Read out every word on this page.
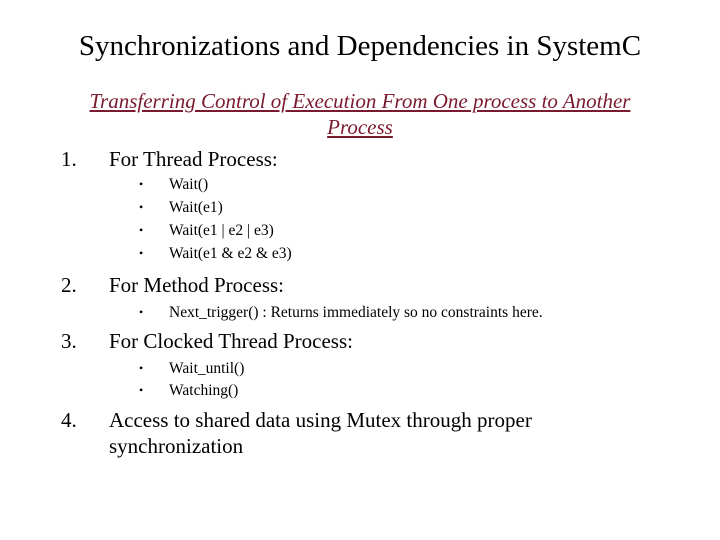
Synchronizations and Dependencies in SystemC
Transferring Control of Execution From One process to Another Process
1. For Thread Process:
• Wait()
• Wait(e1)
• Wait(e1 | e2 | e3)
• Wait(e1 & e2 & e3)
2. For Method Process:
• Next_trigger() : Returns immediately so no constraints here.
3. For Clocked Thread Process:
• Wait_until()
• Watching()
4. Access to shared data using Mutex through proper synchronization
